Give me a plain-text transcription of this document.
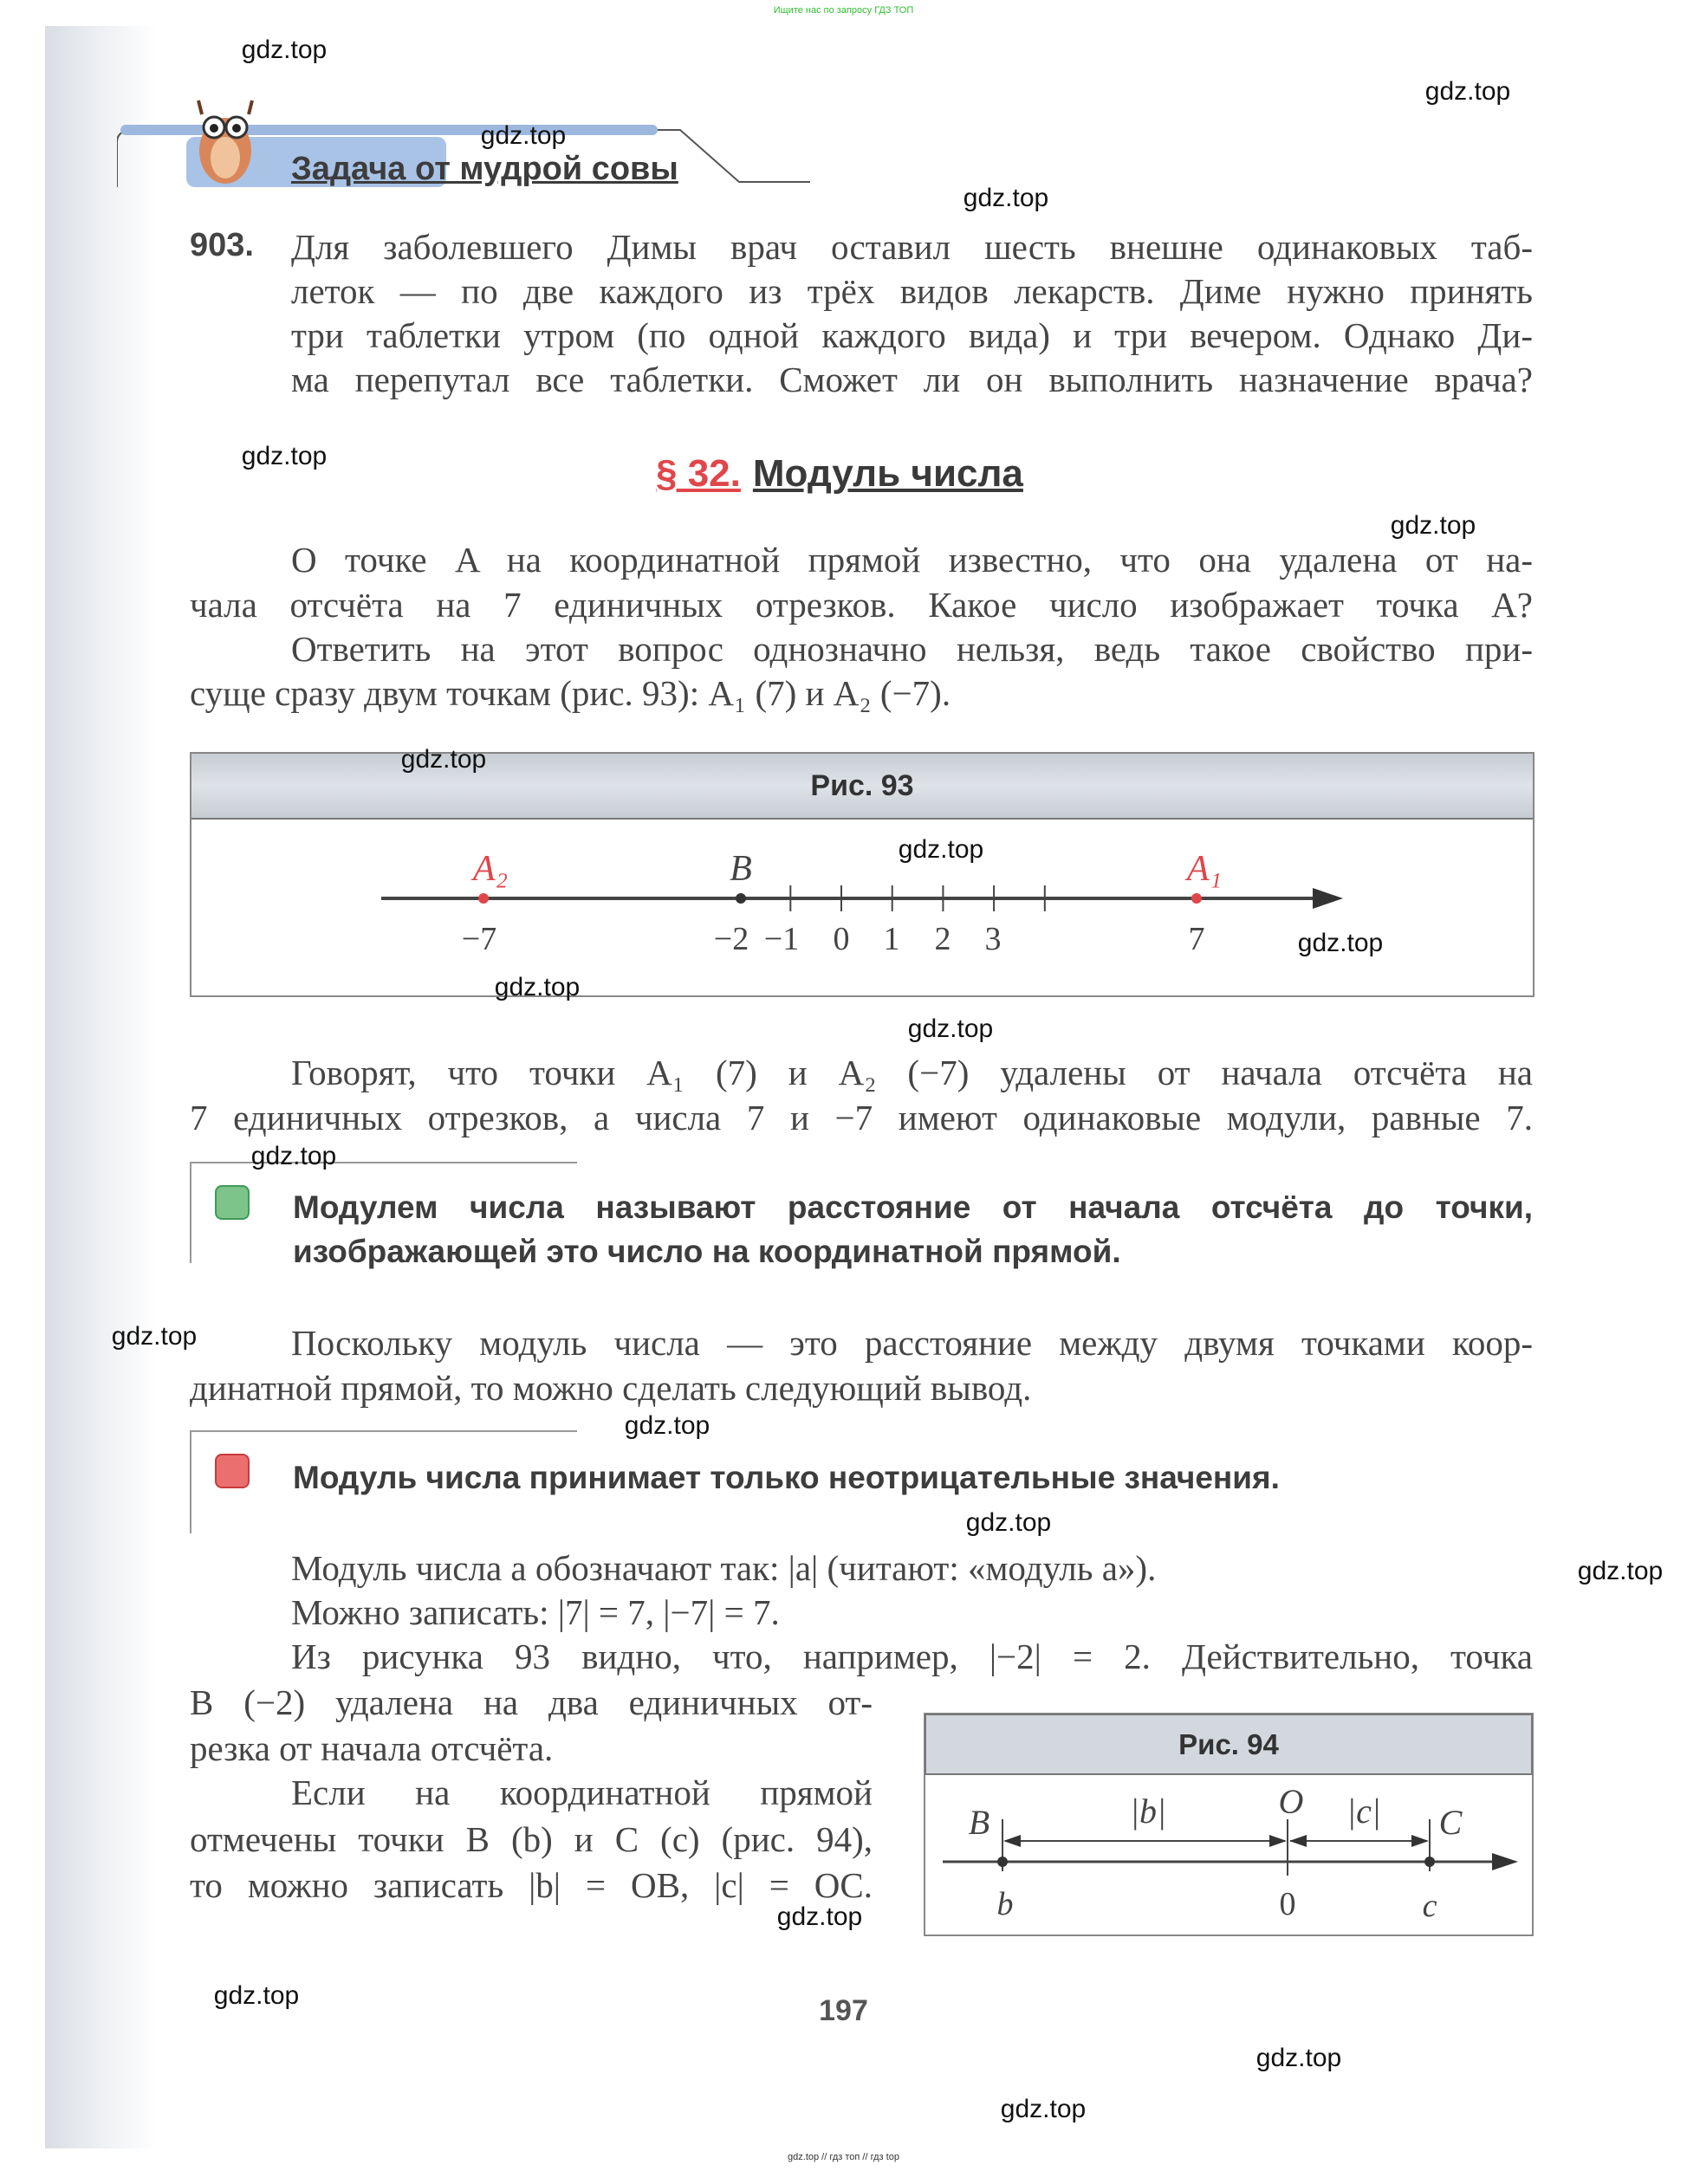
Ищите нас по запросу ГДЗ ТОП
Задача от мудрой совы
903. Для заболевшего Димы врач оставил шесть внешне одинаковых таб-
леток — по две каждого из трёх видов лекарств. Диме нужно принять
три таблетки утром (по одной каждого вида) и три вечером. Однако Ди-
ма перепутал все таблетки. Сможет ли он выполнить назначение врача?
§ 32. Модуль числа
О точке A на координатной прямой известно, что она удалена от на-
чала отсчёта на 7 единичных отрезков. Какое число изображает точка A?
Ответить на этот вопрос однозначно нельзя, ведь такое свойство при-
суще сразу двум точкам (рис. 93): A₁ (7) и A₂ (−7).
Рис. 93
A₂	B	A₁
−7	−2 −1 0 1 2 3	7
Рис. 94
B	|b|	O |c| C
b	0	c
Говорят, что точки A₁ (7) и A₂ (−7) удалены от начала отсчёта на
7 единичных отрезков, а числа 7 и −7 имеют одинаковые модули, равные 7.
Модулем числа называют расстояние от начала отсчёта до точки,
изображающей это число на координатной прямой.
Поскольку модуль числа — это расстояние между двумя точками коор-
динатной прямой, то можно сделать следующий вывод.
Модуль числа принимает только неотрицательные значения.
Модуль числа a обозначают так: |a| (читают: «модуль a»).
Можно записать: |7| = 7, |−7| = 7.
Из рисунка 93 видно, что, например, |−2| = 2. Действительно, точка
B (−2) удалена на два единичных от-
резка от начала отсчёта.
Если на координатной прямой
отмечены точки B (b) и C (c) (рис. 94),
то можно записать |b| = OB, |c| = OC.
197
gdz.top // гдз топ // гдз top
gdz.top
gdz.top
gdz.top
gdz.top
gdz.top
gdz.top
gdz.top
gdz.top
gdz.top
gdz.top
gdz.top
gdz.top
gdz.top
gdz.top
gdz.top
gdz.top
gdz.top
gdz.top
gdz.top
gdz.top
